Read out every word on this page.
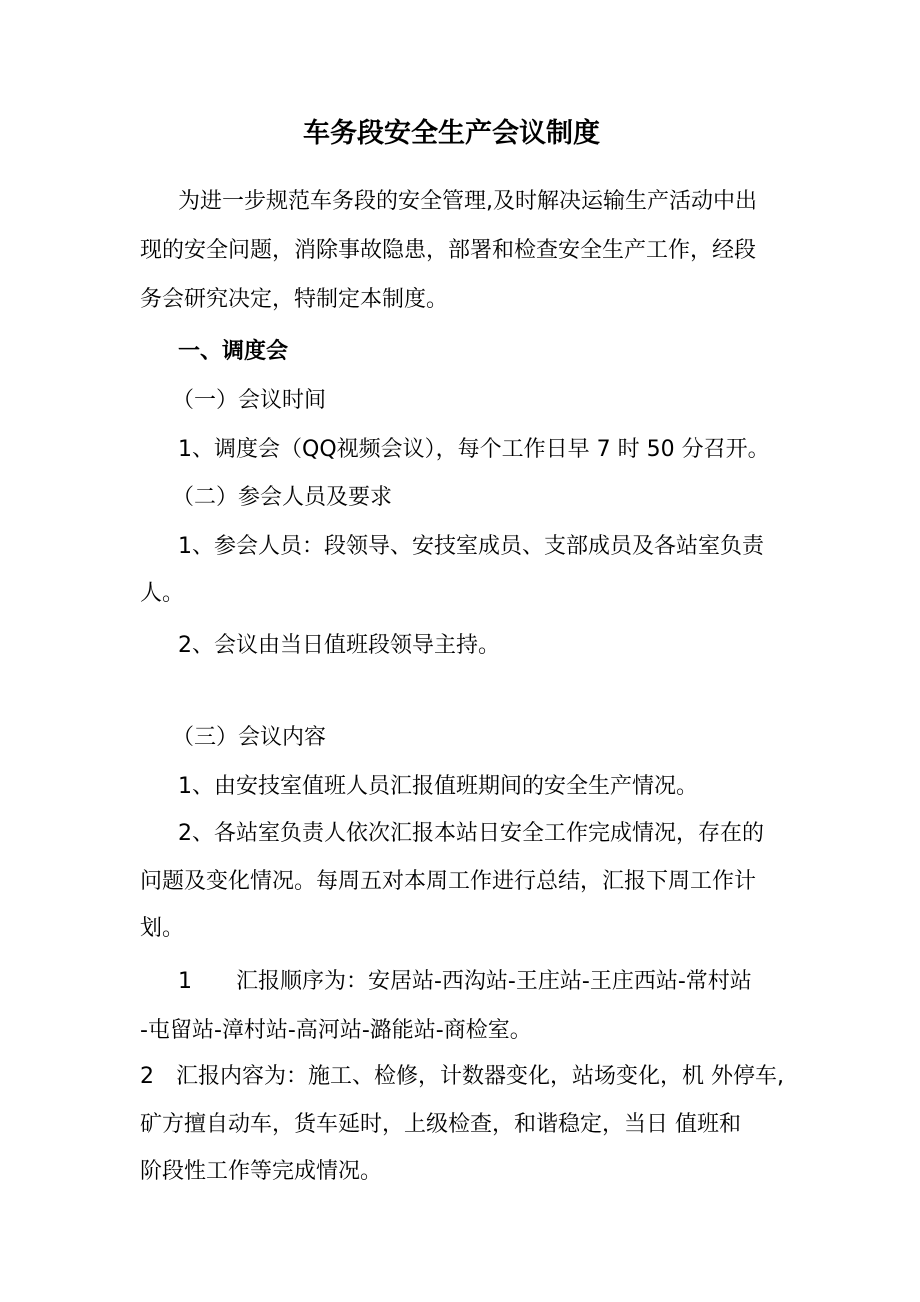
车务段安全生产会议制度
为进一步规范车务段的安全管理,及时解决运输生产活动中出
现的安全问题，消除事故隐患，部署和检查安全生产工作，经段
务会研究决定，特制定本制度。
一、调度会
（一）会议时间
1、调度会（QQ视频会议），每个工作日早 7 时 50 分召开。
（二）参会人员及要求
1、参会人员：段领导、安技室成员、支部成员及各站室负责
人。
2、会议由当日值班段领导主持。
（三）会议内容
1、由安技室值班人员汇报值班期间的安全生产情况。
2、各站室负责人依次汇报本站日安全工作完成情况，存在的
问题及变化情况。每周五对本周工作进行总结，汇报下周工作计
划。
1　　汇报顺序为：安居站-西沟站-王庄站-王庄西站-常村站
-屯留站-漳村站-高河站-潞能站-商检室。
2　汇报内容为：施工、检修，计数器变化，站场变化，机 外停车,
矿方擅自动车，货车延时，上级检查，和谐稳定，当日 值班和
阶段性工作等完成情况。
